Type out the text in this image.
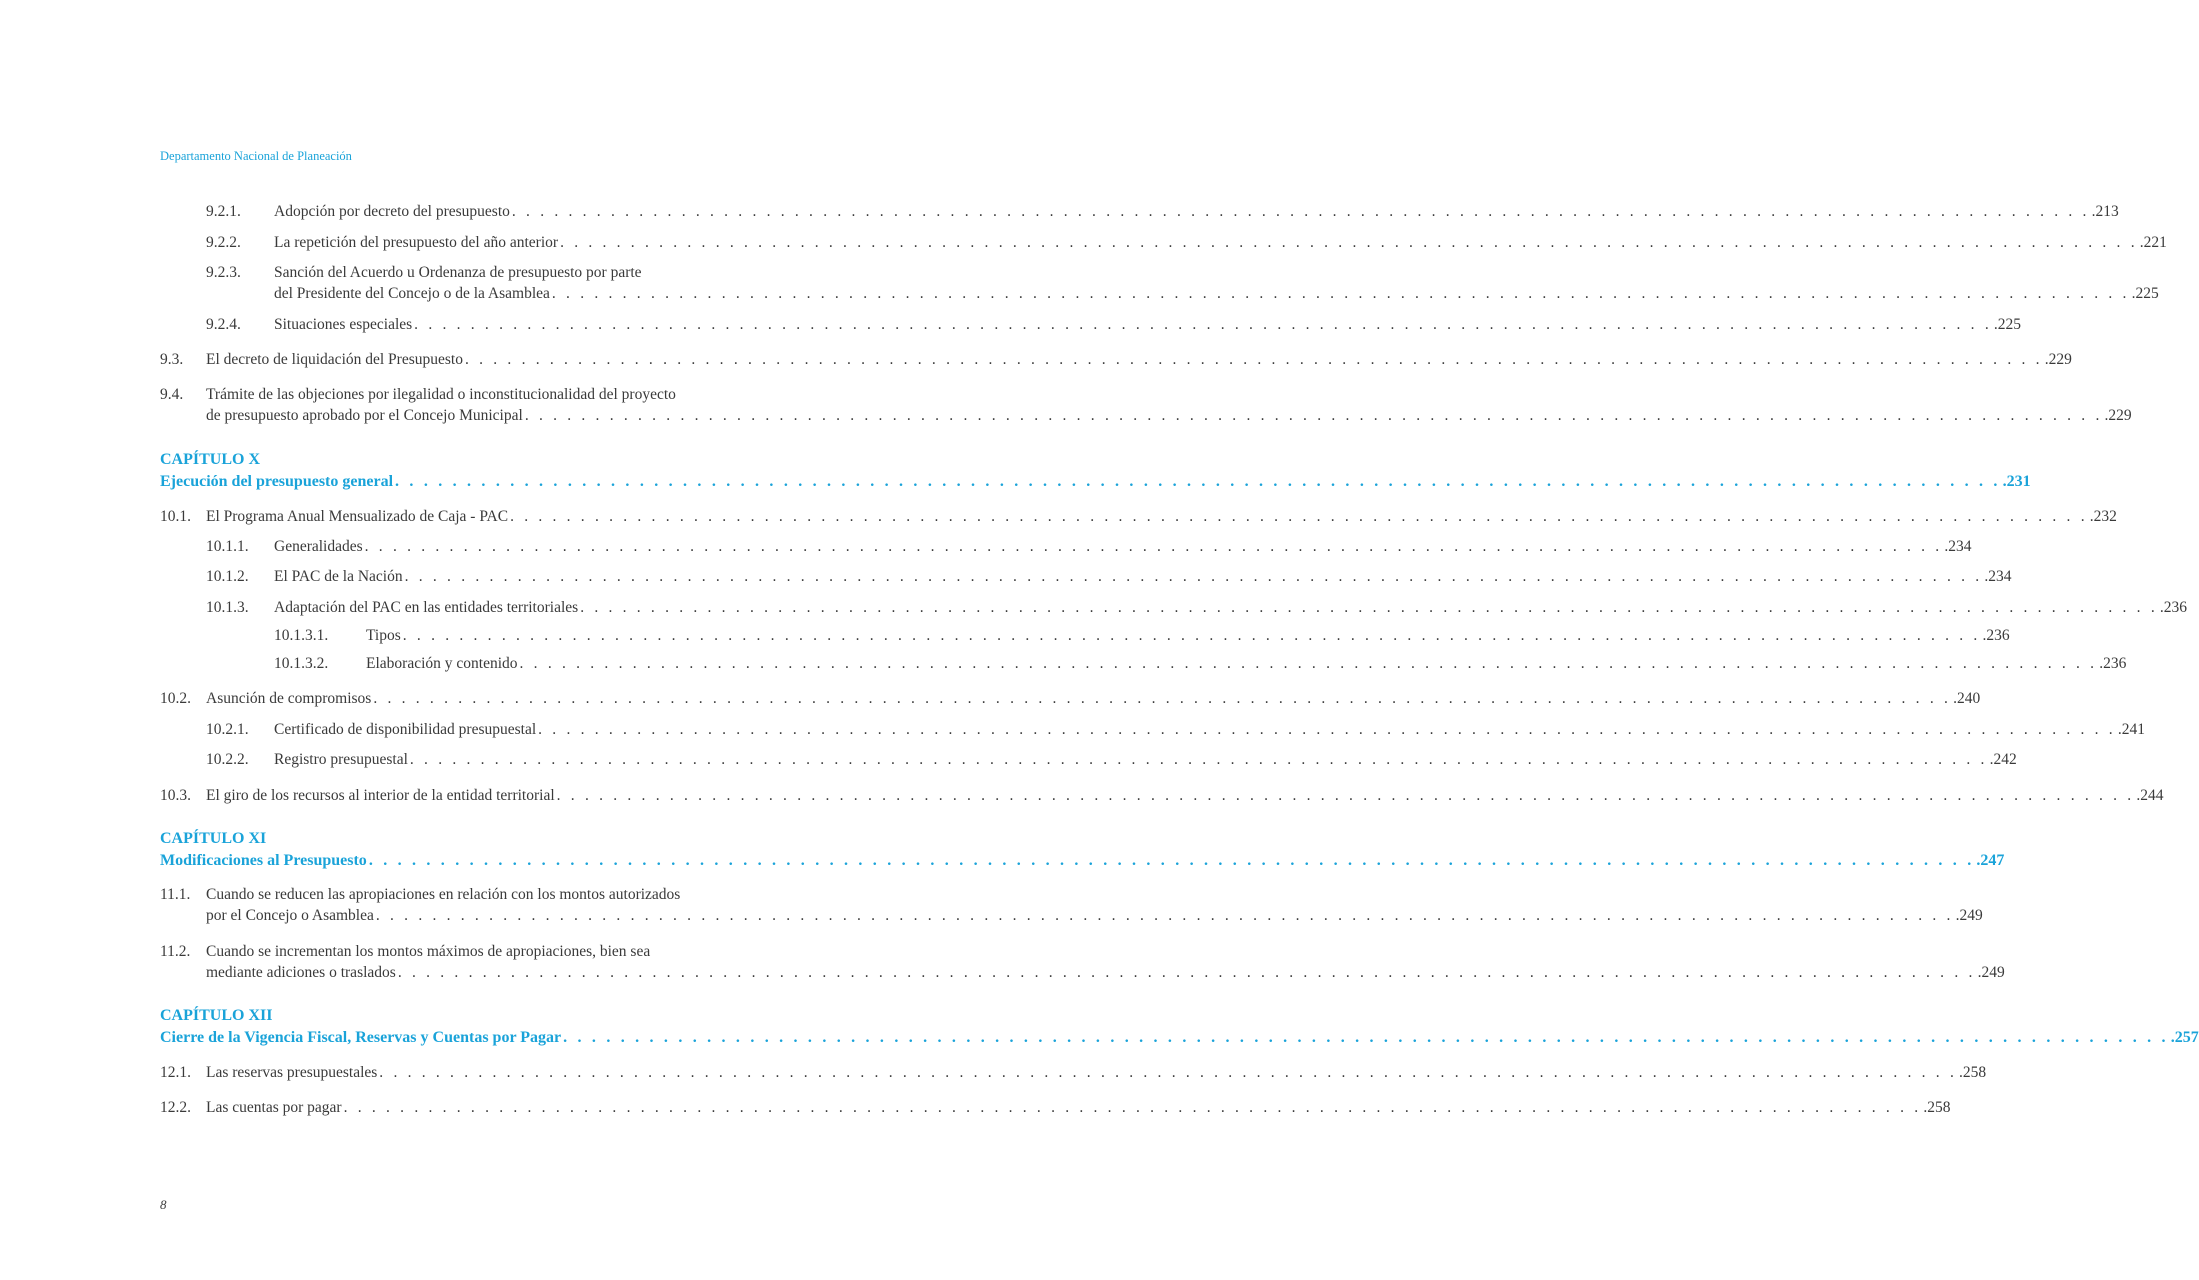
Departamento Nacional de Planeación
9.2.1. Adopción por decreto del presupuesto . . . . . . . . . . . . . . . . . . . . . . . . . . . . . . . . . . . . . . . . . . . . . . . . . . . . . . . . . . . . . . . . . . . . . . . . . . . . . . . . . . . . . . . . . . . . . . . . . . . . . . . . . . . . . . . . .213
9.2.2. La repetición del presupuesto del año anterior . . . . . . . . . . . . . . . . . . . . . . . . . . . . . . . . . . . . . . . . . . . . . . . . . . . . . . . . . . . . . . . . . . . . . . . . . . . . . . . . . . . . . . . . . . . . . . . . . . . . . . . . . . . . . . . . .221
9.2.3. Sanción del Acuerdo u Ordenanza de presupuesto por parte
del Presidente del Concejo o de la Asamblea . . . . . . . . . . . . . . . . . . . . . . . . . . . . . . . . . . . . . . . . . . . . . . . . . . . . . . . . . . . . . . . . . . . . . . . . . . . . . . . . . . . . . . . . . . . . . . . . . . . . . . . . . . . . . . . . .225
9.2.4. Situaciones especiales . . . . . . . . . . . . . . . . . . . . . . . . . . . . . . . . . . . . . . . . . . . . . . . . . . . . . . . . . . . . . . . . . . . . . . . . . . . . . . . . . . . . . . . . . . . . . . . . . . . . . . . . . . . . . . . . .225
9.3. El decreto de liquidación del Presupuesto . . . . . . . . . . . . . . . . . . . . . . . . . . . . . . . . . . . . . . . . . . . . . . . . . . . . . . . . . . . . . . . . . . . . . . . . . . . . . . . . . . . . . . . . . . . . . . . . . . . . . . . . . . . . . . . . .229
9.4. Trámite de las objeciones por ilegalidad o inconstitucionalidad del proyecto
de presupuesto aprobado por el Concejo Municipal . . . . . . . . . . . . . . . . . . . . . . . . . . . . . . . . . . . . . . . . . . . . . . . . . . . . . . . . . . . . . . . . . . . . . . . . . . . . . . . . . . . . . . . . . . . . . . . . . . . . . . . . . . . . . . . . .229
CAPÍTULO X
Ejecución del presupuesto general . . . . . . . . . . . . . . . . . . . . . . . . . . . . . . . . . . . . . . . . . . . . . . . . . . . . . . . . . . . . . . . . . . . . . . . . . . . . . . . . . . . . . . . . . . . . . . . . . . . . . . . . . . . . . . . . .231
10.1. El Programa Anual Mensualizado de Caja - PAC . . . . . . . . . . . . . . . . . . . . . . . . . . . . . . . . . . . . . . . . . . . . . . . . . . . . . . . . . . . . . . . . . . . . . . . . . . . . . . . . . . . . . . . . . . . . . . . . . . . . . . . . . . . . . . . . .232
10.1.1. Generalidades . . . . . . . . . . . . . . . . . . . . . . . . . . . . . . . . . . . . . . . . . . . . . . . . . . . . . . . . . . . . . . . . . . . . . . . . . . . . . . . . . . . . . . . . . . . . . . . . . . . . . . . . . . . . . . . . .234
10.1.2. El PAC de la Nación . . . . . . . . . . . . . . . . . . . . . . . . . . . . . . . . . . . . . . . . . . . . . . . . . . . . . . . . . . . . . . . . . . . . . . . . . . . . . . . . . . . . . . . . . . . . . . . . . . . . . . . . . . . . . . . . .234
10.1.3. Adaptación del PAC en las entidades territoriales . . . . . . . . . . . . . . . . . . . . . . . . . . . . . . . . . . . . . . . . . . . . . . . . . . . . . . . . . . . . . . . . . . . . . . . . . . . . . . . . . . . . . . . . . . . . . . . . . . . . . . . . . . . . . . . . .236
10.1.3.1. Tipos . . . . . . . . . . . . . . . . . . . . . . . . . . . . . . . . . . . . . . . . . . . . . . . . . . . . . . . . . . . . . . . . . . . . . . . . . . . . . . . . . . . . . . . . . . . . . . . . . . . . . . . . . . . . . . . . .236
10.1.3.2. Elaboración y contenido . . . . . . . . . . . . . . . . . . . . . . . . . . . . . . . . . . . . . . . . . . . . . . . . . . . . . . . . . . . . . . . . . . . . . . . . . . . . . . . . . . . . . . . . . . . . . . . . . . . . . . . . . . . . . . . . .236
10.2. Asunción de compromisos . . . . . . . . . . . . . . . . . . . . . . . . . . . . . . . . . . . . . . . . . . . . . . . . . . . . . . . . . . . . . . . . . . . . . . . . . . . . . . . . . . . . . . . . . . . . . . . . . . . . . . . . . . . . . . . . .240
10.2.1. Certificado de disponibilidad presupuestal . . . . . . . . . . . . . . . . . . . . . . . . . . . . . . . . . . . . . . . . . . . . . . . . . . . . . . . . . . . . . . . . . . . . . . . . . . . . . . . . . . . . . . . . . . . . . . . . . . . . . . . . . . . . . . . . .241
10.2.2. Registro presupuestal . . . . . . . . . . . . . . . . . . . . . . . . . . . . . . . . . . . . . . . . . . . . . . . . . . . . . . . . . . . . . . . . . . . . . . . . . . . . . . . . . . . . . . . . . . . . . . . . . . . . . . . . . . . . . . . . .242
10.3. El giro de los recursos al interior de la entidad territorial . . . . . . . . . . . . . . . . . . . . . . . . . . . . . . . . . . . . . . . . . . . . . . . . . . . . . . . . . . . . . . . . . . . . . . . . . . . . . . . . . . . . . . . . . . . . . . . . . . . . . . . . . . . . . . . . .244
CAPÍTULO XI
Modificaciones al Presupuesto . . . . . . . . . . . . . . . . . . . . . . . . . . . . . . . . . . . . . . . . . . . . . . . . . . . . . . . . . . . . . . . . . . . . . . . . . . . . . . . . . . . . . . . . . . . . . . . . . . . . . . . . . . . . . . . . .247
11.1. Cuando se reducen las apropiaciones en relación con los montos autorizados
por el Concejo o Asamblea . . . . . . . . . . . . . . . . . . . . . . . . . . . . . . . . . . . . . . . . . . . . . . . . . . . . . . . . . . . . . . . . . . . . . . . . . . . . . . . . . . . . . . . . . . . . . . . . . . . . . . . . . . . . . . . . .249
11.2. Cuando se incrementan los montos máximos de apropiaciones, bien sea
mediante adiciones o traslados . . . . . . . . . . . . . . . . . . . . . . . . . . . . . . . . . . . . . . . . . . . . . . . . . . . . . . . . . . . . . . . . . . . . . . . . . . . . . . . . . . . . . . . . . . . . . . . . . . . . . . . . . . . . . . . . .249
CAPÍTULO XII
Cierre de la Vigencia Fiscal, Reservas y Cuentas por Pagar . . . . . . . . . . . . . . . . . . . . . . . . . . . . . . . . . . . . . . . . . . . . . . . . . . . . . . . . . . . . . . . . . . . . . . . . . . . . . . . . . . . . . . . . . . . . . . . . . . . . . . . . . . . . . . . . .257
12.1. Las reservas presupuestales . . . . . . . . . . . . . . . . . . . . . . . . . . . . . . . . . . . . . . . . . . . . . . . . . . . . . . . . . . . . . . . . . . . . . . . . . . . . . . . . . . . . . . . . . . . . . . . . . . . . . . . . . . . . . . . . .258
12.2. Las cuentas por pagar . . . . . . . . . . . . . . . . . . . . . . . . . . . . . . . . . . . . . . . . . . . . . . . . . . . . . . . . . . . . . . . . . . . . . . . . . . . . . . . . . . . . . . . . . . . . . . . . . . . . . . . . . . . . . . . . .258
8
